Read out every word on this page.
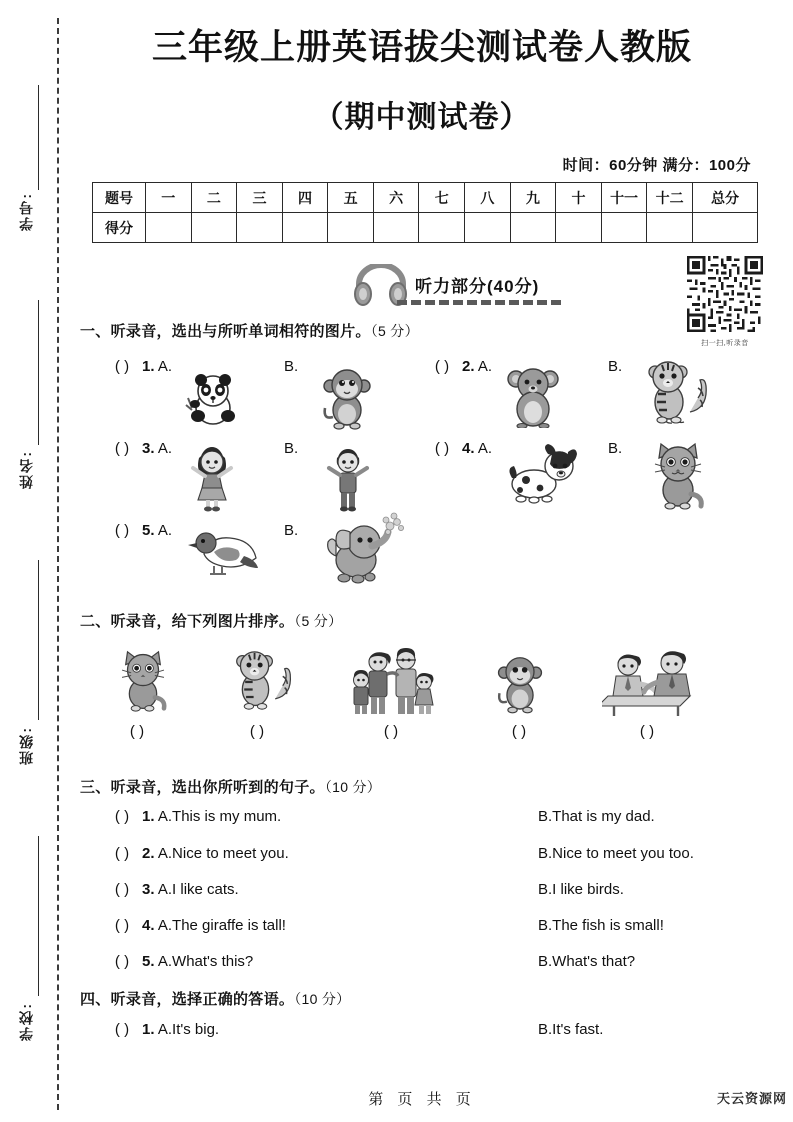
学号:
姓名:
班级:
学校:
三年级上册英语拔尖测试卷人教版
（期中测试卷）
时间：60分钟 满分：100分
题号	一	二	三	四	五	六	七	八	九	十	十一	十二	总分
得分													
听力部分(40分)
扫一扫,听录音
一、听录音，选出与所听单词相符的图片。（5 分）
( ) 1. A.	B.	( ) 2. A.	B.
( ) 3. A.	B.	( ) 4. A.	B.
( ) 5. A.	B.
二、听录音，给下列图片排序。（5 分）
( )	( )	( )	( )	( )
三、听录音，选出你所听到的句子。（10 分）
( ) 1. A.This is my mum.	B.That is my dad.
( ) 2. A.Nice to meet you.	B.Nice to meet you too.
( ) 3. A.I like cats.	B.I like birds.
( ) 4. A.The giraffe is tall!	B.The fish is small!
( ) 5. A.What's this?	B.What's that?
四、听录音，选择正确的答语。（10 分）
( ) 1. A.It's big.	B.It's fast.
第 页 共 页	天云资源网
